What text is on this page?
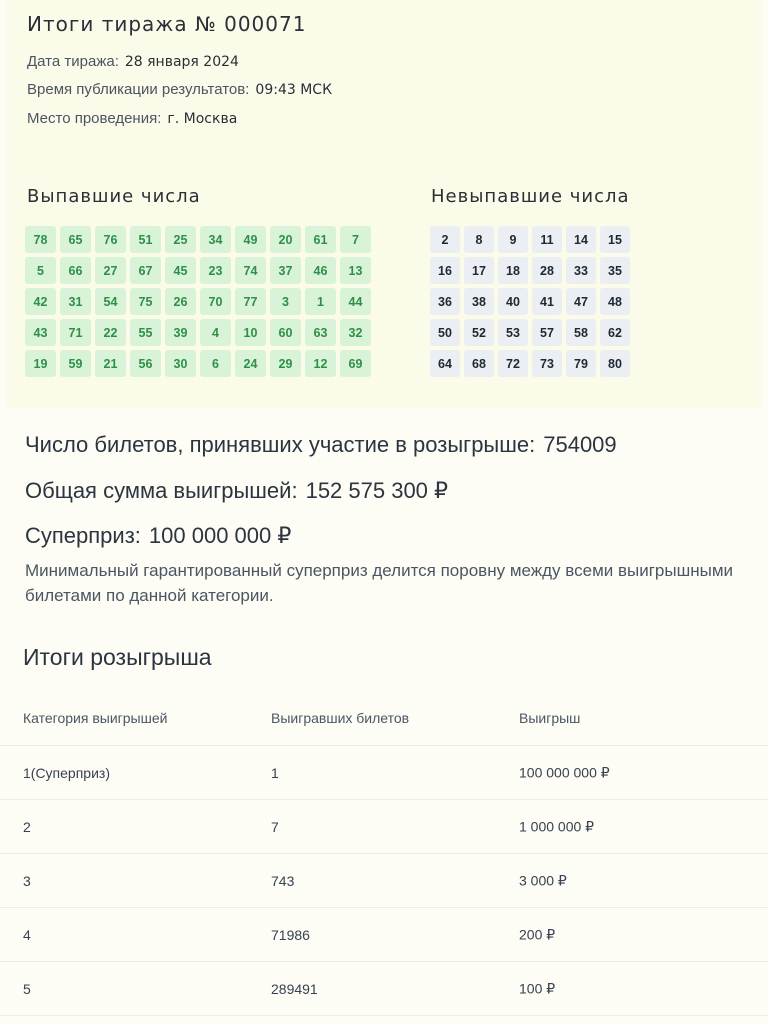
Итоги тиража № 000071
Дата тиража: 28 января 2024
Время публикации результатов: 09:43 МСК
Место проведения: г. Москва
Выпавшие числа
78	65	76	51	25	34	49	20	61	7
5	66	27	67	45	23	74	37	46	13
42	31	54	75	26	70	77	3	1	44
43	71	22	55	39	4	10	60	63	32
19	59	21	56	30	6	24	29	12	69
Невыпавшие числа
2	8	9	11	14	15
16	17	18	28	33	35
36	38	40	41	47	48
50	52	53	57	58	62
64	68	72	73	79	80
Число билетов, принявших участие в розыгрыше: 754009
Общая сумма выигрышей: 152 575 300 ₽
Суперприз: 100 000 000 ₽

Минимальный гарантированный суперприз делится поровну между всеми выигрышными билетами по данной категории.

Итоги розыгрыша
Категория выигрышей	Выигравших билетов	Выигрыш
1(Суперприз)	1	100 000 000 ₽
2	7	1 000 000 ₽
3	743	3 000 ₽
4	71986	200 ₽
5	289491	100 ₽
